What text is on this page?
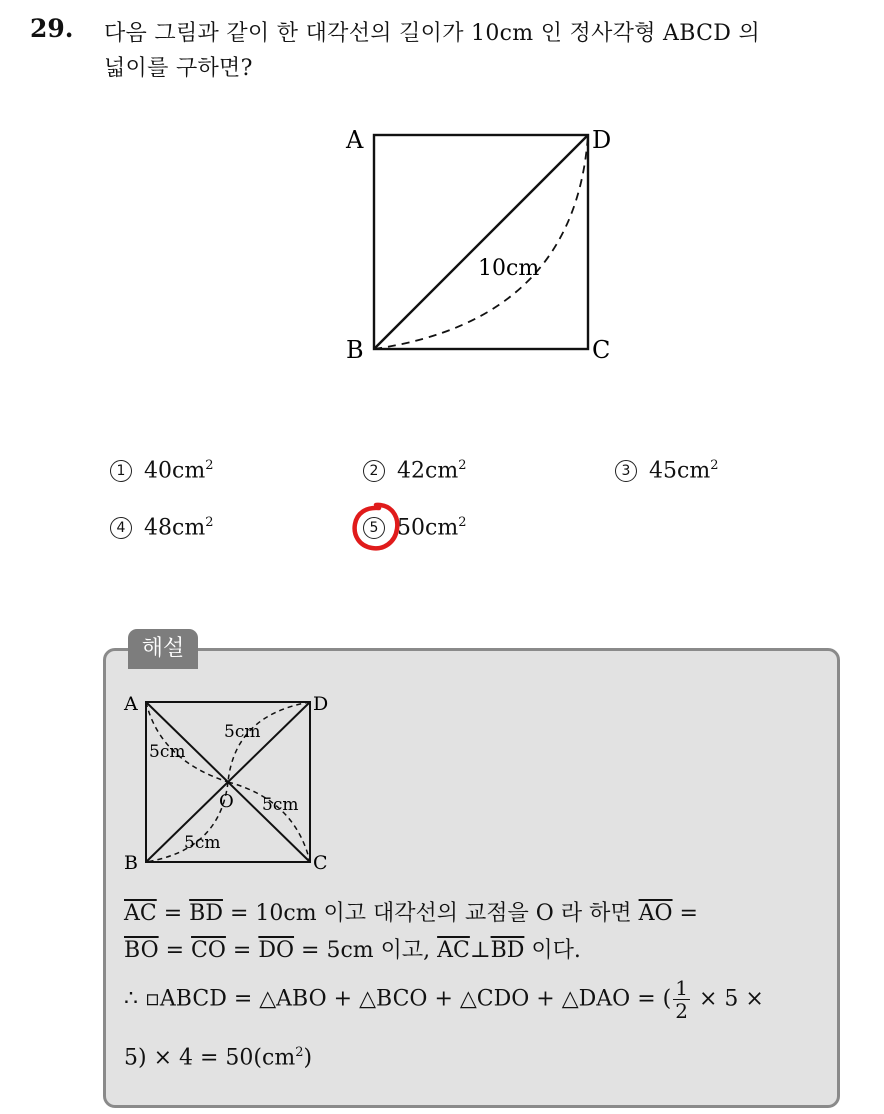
29. 다음 그림과 같이 한 대각선의 길이가 10cm 인 정사각형 ABCD 의
넓이를 구하면?
A
B	C
D
10cm
1 $40cm^2$	2 $42cm^2$	3 $45cm^2$
4 $48cm^2$	5 $50cm^2$
해설
A
B	C
D
O
5cm
5cm
5cm
5cm
$\overline{AC} = \overline{BD} = 10cm$ 이고 대각선의 교점을 O 라 하면 $\overline{AO}$ =
$\overline{BO} = \overline{CO} = \overline{DO} = 5cm$ 이고, $\overline{AC}\perp\overline{BD}$ 이다.
∴ ▫ABCD = △ABO + △BCO + △CDO + △DAO = ( $\frac{1}{2} \times 5$ ×
$5) \times 4 = 50(cm^2)$
